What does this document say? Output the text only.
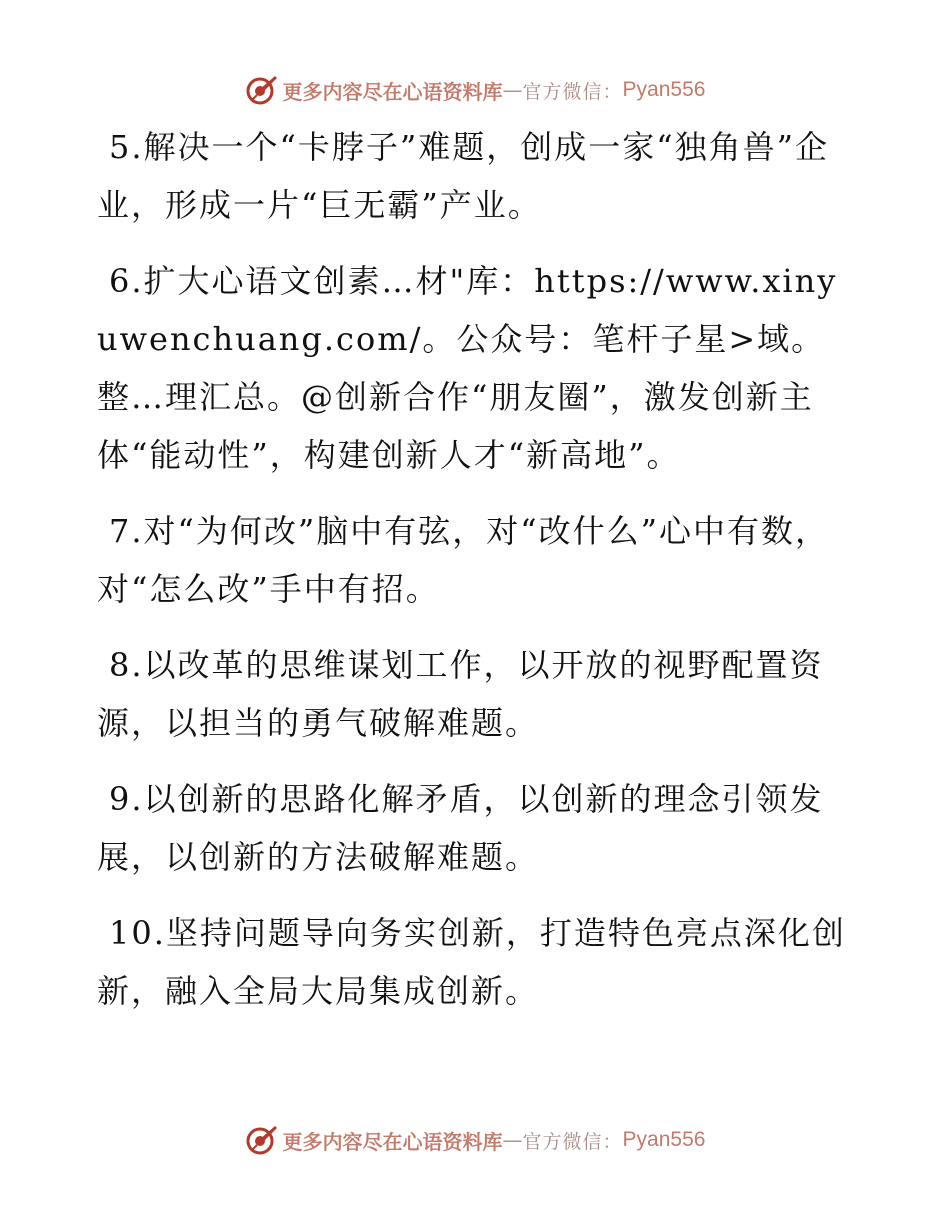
更多内容尽在心语资料库 — 官方微信： Pyan556

5.解决一个“卡脖子”难题，创成一家“独角兽”企业，形成一片“巨无霸”产业。

6.扩大心语文创素…材"库：https://www.xinyuwenchuang.com/。公众号：笔杆子星>域。整…理汇总。@创新合作“朋友圈”，激发创新主体“能动性”，构建创新人才“新高地”。

7.对“为何改”脑中有弦，对“改什么”心中有数，对“怎么改”手中有招。

8.以改革的思维谋划工作，以开放的视野配置资源，以担当的勇气破解难题。

9.以创新的思路化解矛盾，以创新的理念引领发展，以创新的方法破解难题。

10.坚持问题导向务实创新，打造特色亮点深化创新，融入全局大局集成创新。

更多内容尽在心语资料库 — 官方微信： Pyan556
